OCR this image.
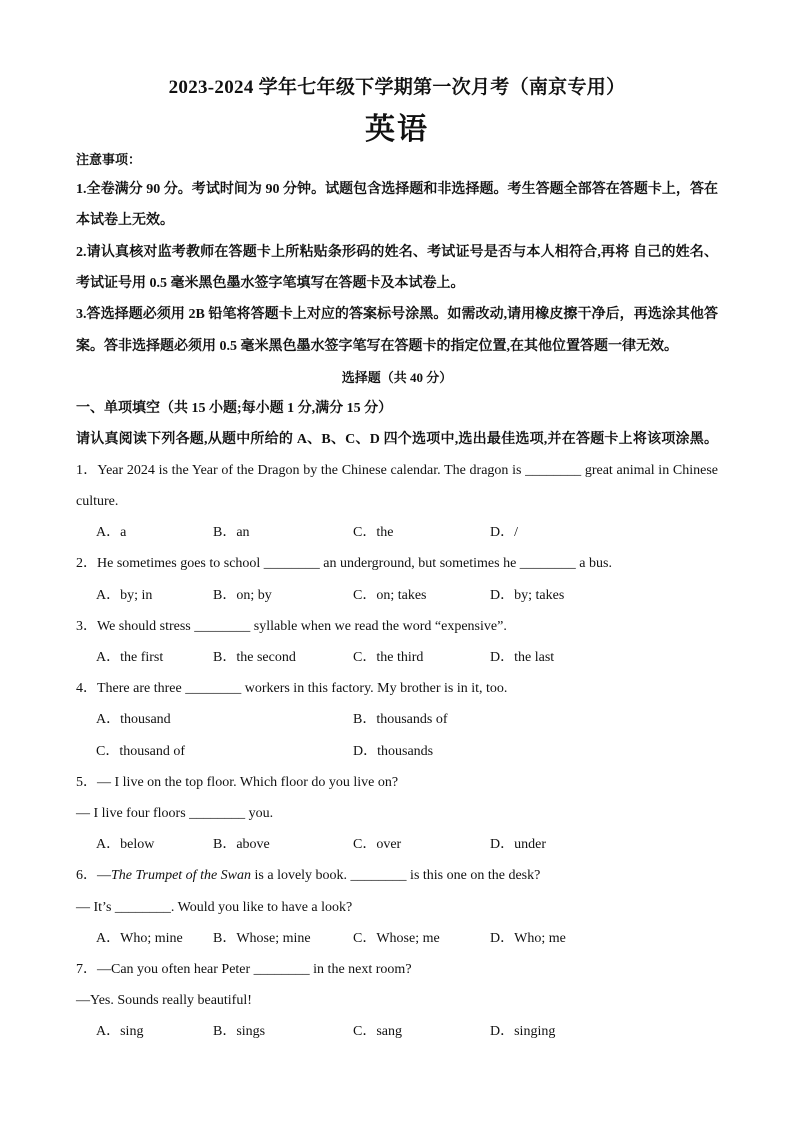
2023-2024 学年七年级下学期第一次月考（南京专用）
英语
注意事项：
1.全卷满分 90 分。考试时间为 90 分钟。试题包含选择题和非选择题。考生答题全部答在答题卡上，答在
本试卷上无效。
2.请认真核对监考教师在答题卡上所粘贴条形码的姓名、考试证号是否与本人相符合,再将 自己的姓名、
考试证号用 0.5 毫米黑色墨水签字笔填写在答题卡及本试卷上。
3.答选择题必须用 2B 铅笔将答题卡上对应的答案标号涂黑。如需改动,请用橡皮擦干净后，再选涂其他答
案。答非选择题必须用 0.5 毫米黑色墨水签字笔写在答题卡的指定位置,在其他位置答题一律无效。
选择题（共 40 分）
一、单项填空（共 15 小题;每小题 1 分,满分 15 分）
请认真阅读下列各题,从题中所给的 A、B、C、D 四个选项中,选出最佳选项,并在答题卡上将该项涂黑。
1．Year 2024 is the Year of the Dragon by the Chinese calendar. The dragon is ________ great animal in Chinese
culture.
A．a	B．an	C．the	D．/
2．He sometimes goes to school ________ an underground, but sometimes he ________ a bus.
A．by; in	B．on; by	C．on; takes	D．by; takes
3．We should stress ________ syllable when we read the word “expensive”.
A．the first	B．the second	C．the third	D．the last
4．There are three ________ workers in this factory. My brother is in it, too.
A．thousand	B．thousands of
C．thousand of	D．thousands
5．— I live on the top floor. Which floor do you live on?
— I live four floors ________ you.
A．below	B．above	C．over	D．under
6．—The Trumpet of the Swan is a lovely book. ________ is this one on the desk?
— It’s ________. Would you like to have a look?
A．Who; mine B．Whose; mine	C．Whose; me	D．Who; me
7．—Can you often hear Peter ________ in the next room?
—Yes. Sounds really beautiful!
A．sing	B．sings	C．sang	D．singing
